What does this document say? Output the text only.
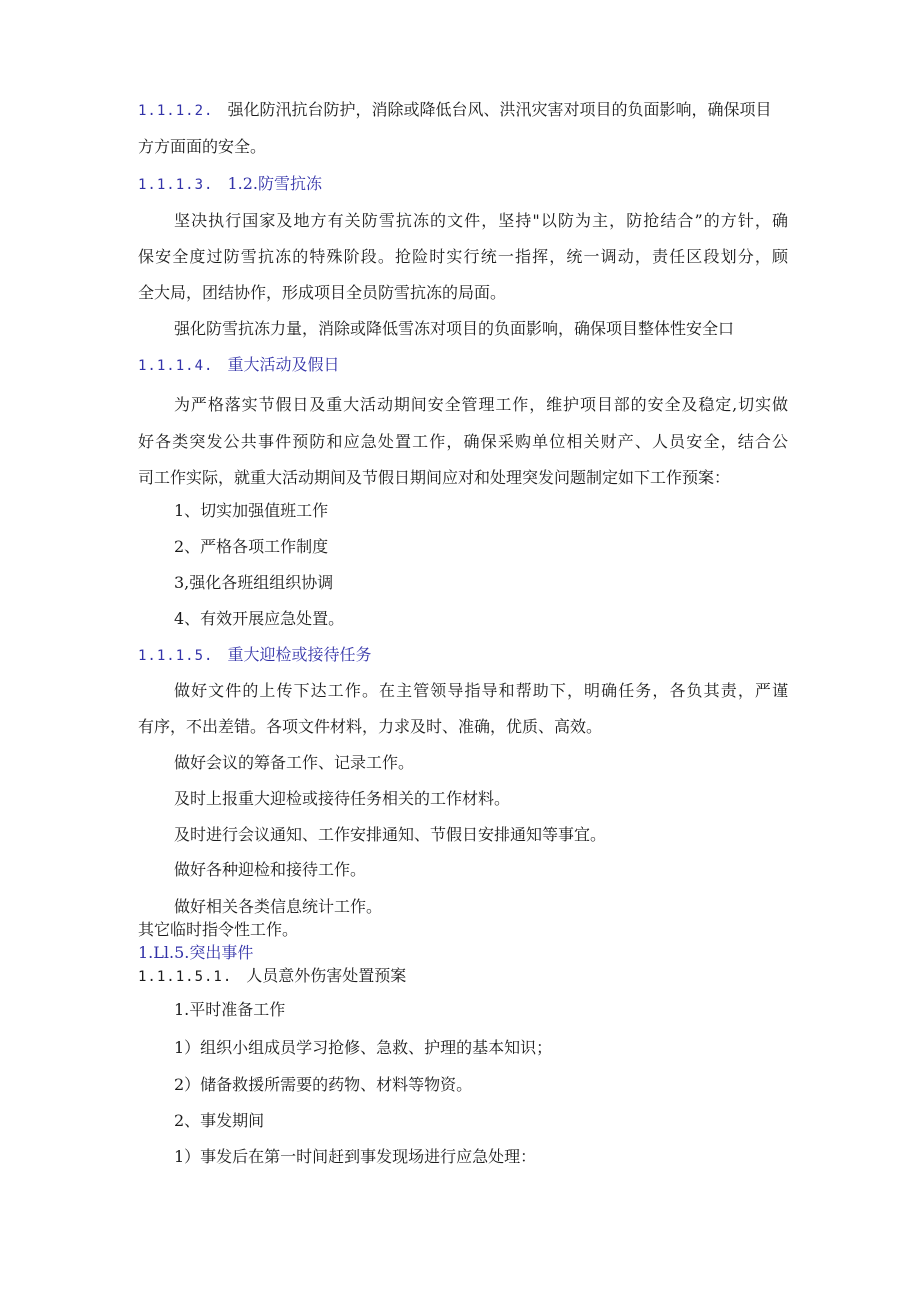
1.1.1.2. 强化防汛抗台防护，消除或降低台风、洪汛灾害对项目的负面影响，确保项目
方方面面的安全。
1.1.1.3. 1.2.防雪抗冻
坚决执行国家及地方有关防雪抗冻的文件，坚持"以防为主，防抢结合”的方针，确
保安全度过防雪抗冻的特殊阶段。抢险时实行统一指挥，统一调动，责任区段划分，顾
全大局，团结协作，形成项目全员防雪抗冻的局面。
强化防雪抗冻力量，消除或降低雪冻对项目的负面影响，确保项目整体性安全口
1.1.1.4. 重大活动及假日
为严格落实节假日及重大活动期间安全管理工作，维护项目部的安全及稳定,切实做
好各类突发公共事件预防和应急处置工作，确保采购单位相关财产、人员安全，结合公
司工作实际，就重大活动期间及节假日期间应对和处理突发问题制定如下工作预案：
1、切实加强值班工作
2、严格各项工作制度
3,强化各班组组织协调
4、有效开展应急处置。
1.1.1.5. 重大迎检或接待任务
做好文件的上传下达工作。在主管领导指导和帮助下，明确任务，各负其责，严谨
有序，不出差错。各项文件材料，力求及时、准确，优质、高效。
做好会议的筹备工作、记录工作。
及时上报重大迎检或接待任务相关的工作材料。
及时进行会议通知、工作安排通知、节假日安排通知等事宜。
做好各种迎检和接待工作。
做好相关各类信息统计工作。
其它临时指令性工作。
1.Ll.5.突出事件
1.1.1.5.1. 人员意外伤害处置预案
1.平时准备工作
1）组织小组成员学习抢修、急救、护理的基本知识；
2）储备救援所需要的药物、材料等物资。
2、事发期间
1）事发后在第一时间赶到事发现场进行应急处理：
